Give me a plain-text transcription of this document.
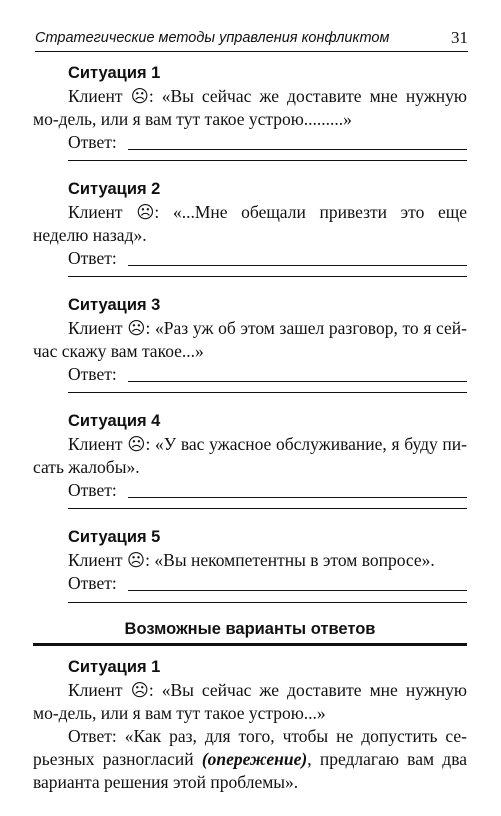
Стратегические методы управления конфликтом	31
Ситуация 1
Клиент ☹: «Вы сейчас же доставите мне нужную мо-дель, или я вам тут такое устрою.........»
Ответ:
Ситуация 2
Клиент ☹: «...Мне обещали привезти это еще неделю назад».
Ответ:
Ситуация 3
Клиент ☹: «Раз уж об этом зашел разговор, то я сей-час скажу вам такое...»
Ответ:
Ситуация 4
Клиент ☹: «У вас ужасное обслуживание, я буду пи-сать жалобы».
Ответ:
Ситуация 5
Клиент ☹: «Вы некомпетентны в этом вопросе».
Ответ:
Возможные варианты ответов
Ситуация 1
Клиент ☹: «Вы сейчас же доставите мне нужную мо-дель, или я вам тут такое устрою...»
Ответ: «Как раз, для того, чтобы не допустить се-рьезных разногласий (опережение), предлагаю вам два варианта решения этой проблемы».
